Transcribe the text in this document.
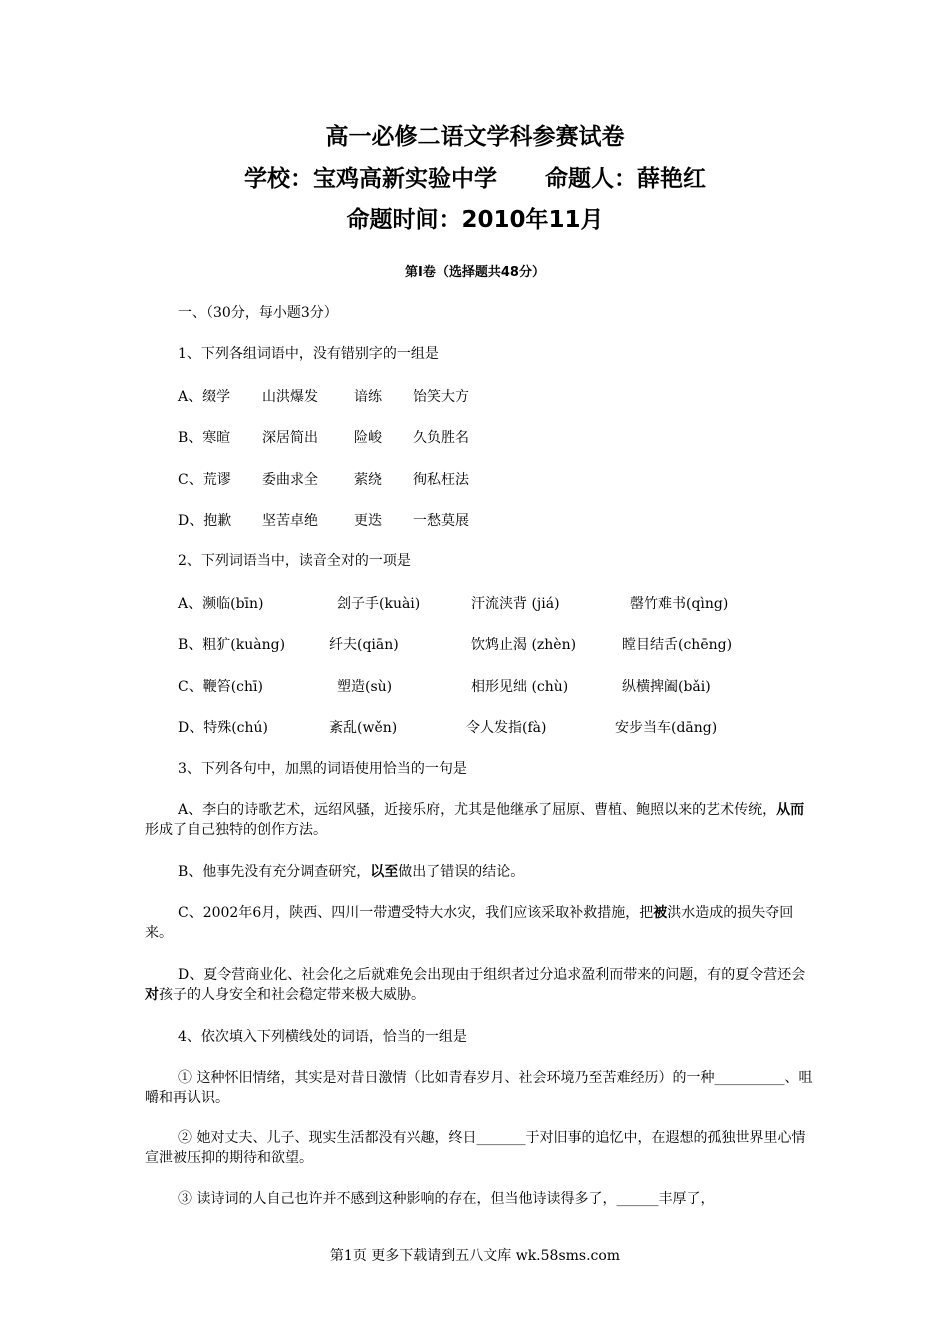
高一必修二语文学科参赛试卷
学校：宝鸡高新实验中学      命题人：薛艳红
命题时间：2010年11月
第Ⅰ卷（选择题共48分）
一、（30分，每小题3分）
1、下列各组词语中，没有错别字的一组是
A、缀学 山洪爆发	谙练 饴笑大方
B、寒暄 深居简出	险峻 久负胜名
C、荒谬 委曲求全	萦绕 徇私枉法
D、抱歉 坚苦卓绝	更迭 一愁莫展
2、下列词语当中，读音全对的一项是
A、濒临(bīn)	刽子手(kuài)	汗流浃背 (jiá)	罄竹难书(qìng)
B、粗犷(kuàng)	纤夫(qiān)	饮鸩止渴 (zhèn)	瞠目结舌(chēng)
C、鞭笞(chī)	塑造(sù)	相形见绌 (chù)	纵横捭阖(bǎi)
D、特殊(chú)	紊乱(wěn)	令人发指(fà)	安步当车(dāng)
3、下列各句中，加黑的词语使用恰当的一句是
A、李白的诗歌艺术，远绍风骚，近接乐府，尤其是他继承了屈原、曹植、鲍照以来的艺术传统，从而形成了自己独特的创作方法。
B、他事先没有充分调查研究，以至做出了错误的结论。
C、2002年6月，陕西、四川一带遭受特大水灾，我们应该采取补救措施，把被洪水造成的损失夺回来。
D、夏令营商业化、社会化之后就难免会出现由于组织者过分追求盈利而带来的问题，有的夏令营还会对孩子的人身安全和社会稳定带来极大威胁。
4、依次填入下列横线处的词语，恰当的一组是
① 这种怀旧情绪，其实是对昔日激情（比如青春岁月、社会环境乃至苦难经历）的一种__________、咀嚼和再认识。
② 她对丈夫、儿子、现实生活都没有兴趣，终日_______于对旧事的追忆中，在遐想的孤独世界里心情宣泄被压抑的期待和欲望。
③ 读诗词的人自己也许并不感到这种影响的存在，但当他诗读得多了，______丰厚了，
第1页 更多下载请到五八文库 wk.58sms.com
